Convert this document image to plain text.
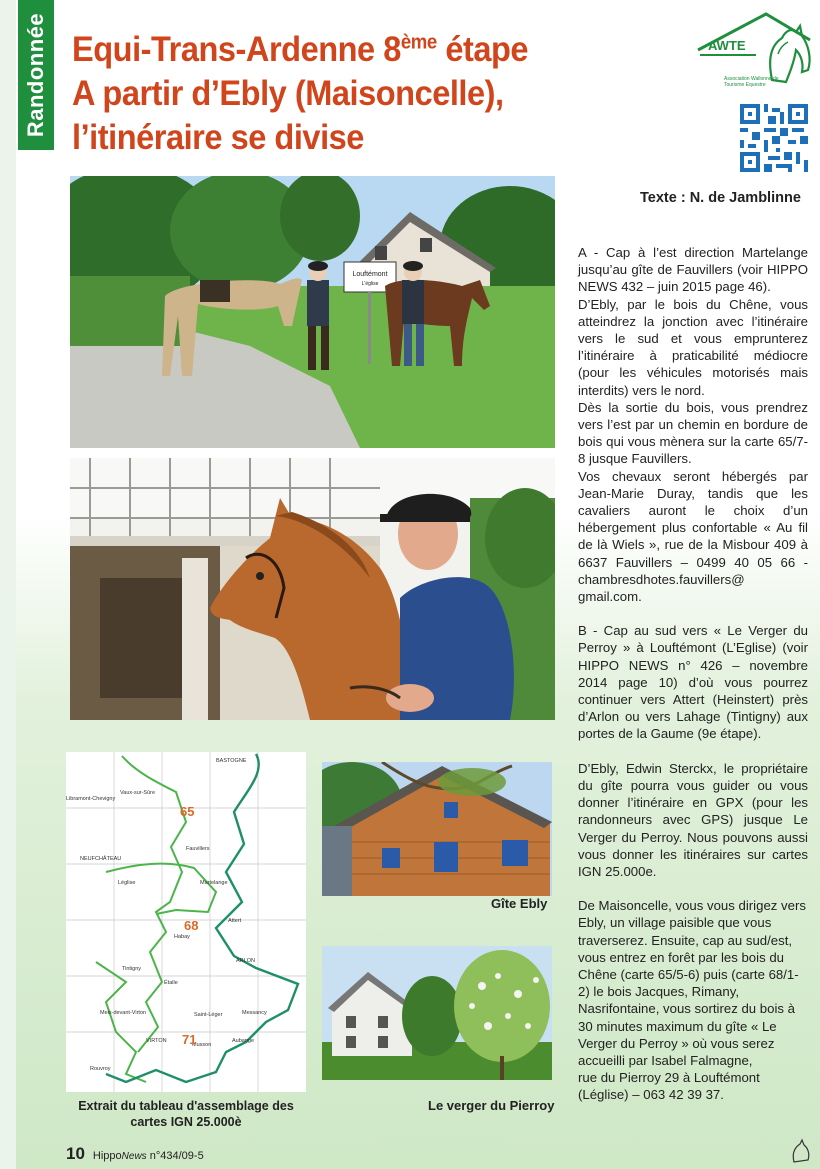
Randonnée Equi-Trans-Ardenne 8ème étape
A partir d’Ebly (Maisoncelle),
l’itinéraire se divise
AWTE
Association Wallonne de Tourisme Equestre
Texte : N. de Jamblinne
Louftémont
L'église
BASTOGNE
Libramont-Chevigny
Vaux-sur-Sûre
Fauvillers
NEUFCHÂTEAU
Léglise	Martelange
Attert
Habay
ARLON
Tintigny
Étalle
Saint-Léger	Messancy
Meix-devant-Virton
VIRTON
Musson
Aubange
Rouvroy
65
68
71
Extrait du tableau d'assemblage des
cartes IGN 25.000è
Gîte Ebly
Le verger du Pierroy

A - Cap à l’est direction Martelange jusqu’au gîte de Fauvillers (voir HIPPO NEWS 432 – juin 2015 page 46).

D’Ebly, par le bois du Chêne, vous atteindrez la jonction avec l’itinéraire vers le sud et vous emprunterez l’itinéraire à praticabilité médiocre (pour les véhicules motorisés mais interdits) vers le nord.

Dès la sortie du bois, vous prendrez vers l’est par un chemin en bordure de bois qui vous mènera sur la carte 65/7-8 jusque Fauvillers.

Vos chevaux seront hébergés par Jean-Marie Duray, tandis que les cavaliers auront le choix d’un hébergement plus confortable « Au fil de là Wiels », rue de la Misbour 409 à 6637 Fauvillers – 0499 40 05 66 - chambresdhotes.fauvillers@ gmail.com.

B - Cap au sud vers « Le Verger du Perroy » à Louftémont (L’Eglise) (voir HIPPO NEWS n° 426 – novembre 2014 page 10) d’où vous pourrez continuer vers Attert (Heinstert) près d’Arlon ou vers Lahage (Tintigny) aux portes de la Gaume (9e étape).

D’Ebly, Edwin Sterckx, le propriétaire du gîte pourra vous guider ou vous donner l’itinéraire en GPX (pour les randonneurs avec GPS) jusque Le Verger du Perroy. Nous pouvons aussi vous donner les itinéraires sur cartes IGN 25.000e.

De Maisoncelle, vous vous dirigez vers Ebly, un village paisible que vous traverserez. Ensuite, cap au sud/est, vous entrez en forêt par les bois du Chêne (carte 65/5-6) puis (carte 68/1-2) le bois Jacques, Rimany, Nasrifontaine, vous sortirez du bois à 30 minutes maximum du gîte « Le Verger du Perroy » où vous serez accueilli par Isabel Falmagne,

rue du Pierroy 29 à Louftémont (Léglise) – 063 42 39 37.

10 HippoNews n°434/09-5
